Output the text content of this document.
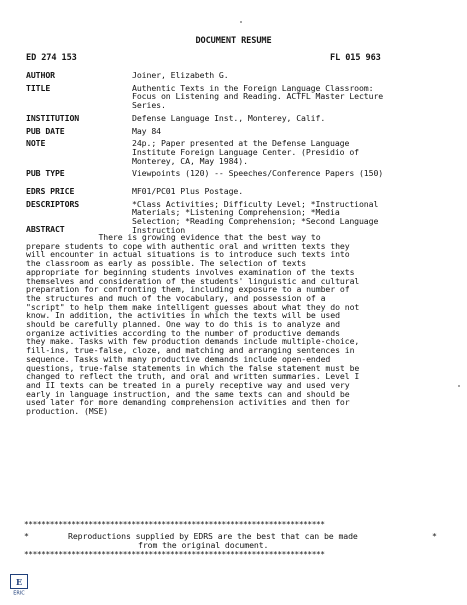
DOCUMENT RESUME
ED 274 153	FL 015 963
AUTHOR	Joiner, Elizabeth G.
TITLE	Authentic Texts in the Foreign Language Classroom:
Focus on Listening and Reading. ACTFL Master Lecture
Series.
INSTITUTION	Defense Language Inst., Monterey, Calif.
PUB DATE	May 84
NOTE	24p.; Paper presented at the Defense Language
Institute Foreign Language Center. (Presidio of
Monterey, CA, May 1984).
PUB TYPE	Viewpoints (120) -- Speeches/Conference Papers (150)
EDRS PRICE	MF01/PC01 Plus Postage.
DESCRIPTORS	*Class Activities; Difficulty Level; *Instructional
Materials; *Listening Comprehension; *Media
Selection; *Reading Comprehension; *Second Language
Instruction
ABSTRACT
There is growing evidence that the best way to
prepare students to cope with authentic oral and written texts they
will encounter in actual situations is to introduce such texts into
the classroom as early as possible. The selection of texts
appropriate for beginning students involves examination of the texts
themselves and consideration of the students' linguistic and cultural
preparation for confronting them, including exposure to a number of
the structures and much of the vocabulary, and possession of a
"script" to help them make intelligent guesses about what they do not
know. In addition, the activities in which the texts will be used
should be carefully planned. One way to do this is to analyze and
organize activities according to the number of productive demands
they make. Tasks with few production demands include multiple-choice,
fill-ins, true-false, cloze, and matching and arranging sentences in
sequence. Tasks with many productive demands include open-ended
questions, true-false statements in which the false statement must be
changed to reflect the truth, and oral and written summaries. Level I
and II texts can be treated in a purely receptive way and used very
early in language instruction, and the same texts can and should be
used later for more demanding comprehension activities and then for
production. (MSE)
**********************************************************************
*	Reproductions supplied by EDRS are the best that can be made
from the original document.
*
**********************************************************************
E
ERIC
